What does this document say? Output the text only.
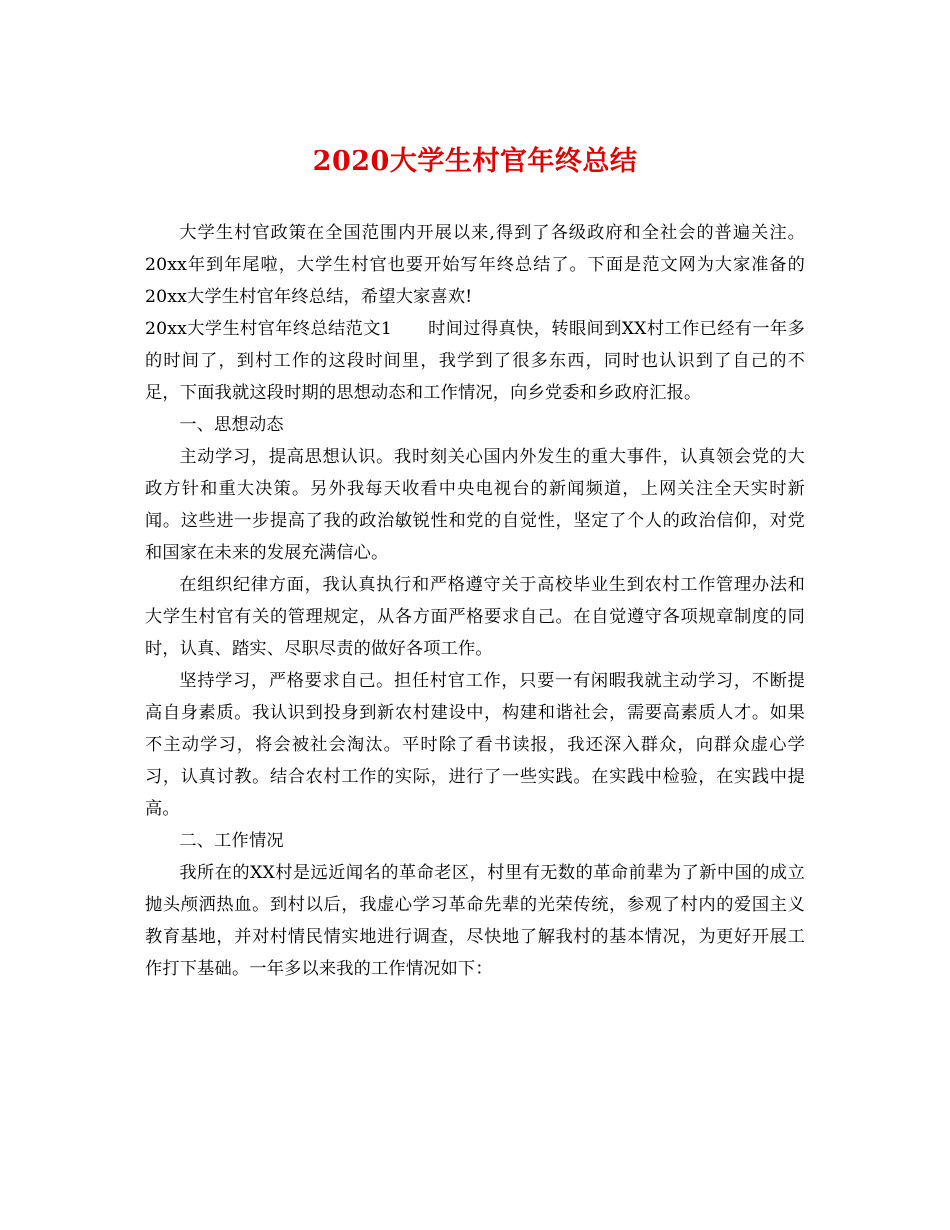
2020大学生村官年终总结

大学生村官政策在全国范围内开展以来,得到了各级政府和全社会的普遍关注。20xx年到年尾啦，大学生村官也要开始写年终总结了。下面是范文网为大家准备的20xx大学生村官年终总结，希望大家喜欢!

20xx大学生村官年终总结范文1 时间过得真快，转眼间到XX村工作已经有一年多的时间了，到村工作的这段时间里，我学到了很多东西，同时也认识到了自己的不足，下面我就这段时期的思想动态和工作情况，向乡党委和乡政府汇报。

一、思想动态

主动学习，提高思想认识。我时刻关心国内外发生的重大事件，认真领会党的大政方针和重大决策。另外我每天收看中央电视台的新闻频道，上网关注全天实时新闻。这些进一步提高了我的政治敏锐性和党的自觉性，坚定了个人的政治信仰，对党和国家在未来的发展充满信心。

在组织纪律方面，我认真执行和严格遵守关于高校毕业生到农村工作管理办法和大学生村官有关的管理规定，从各方面严格要求自己。在自觉遵守各项规章制度的同时，认真、踏实、尽职尽责的做好各项工作。

坚持学习，严格要求自己。担任村官工作，只要一有闲暇我就主动学习，不断提高自身素质。我认识到投身到新农村建设中，构建和谐社会，需要高素质人才。如果不主动学习，将会被社会淘汰。平时除了看书读报，我还深入群众，向群众虚心学习，认真讨教。结合农村工作的实际，进行了一些实践。在实践中检验，在实践中提高。

二、工作情况

我所在的XX村是远近闻名的革命老区，村里有无数的革命前辈为了新中国的成立抛头颅洒热血。到村以后，我虚心学习革命先辈的光荣传统，参观了村内的爱国主义教育基地，并对村情民情实地进行调查，尽快地了解我村的基本情况，为更好开展工作打下基础。一年多以来我的工作情况如下：
